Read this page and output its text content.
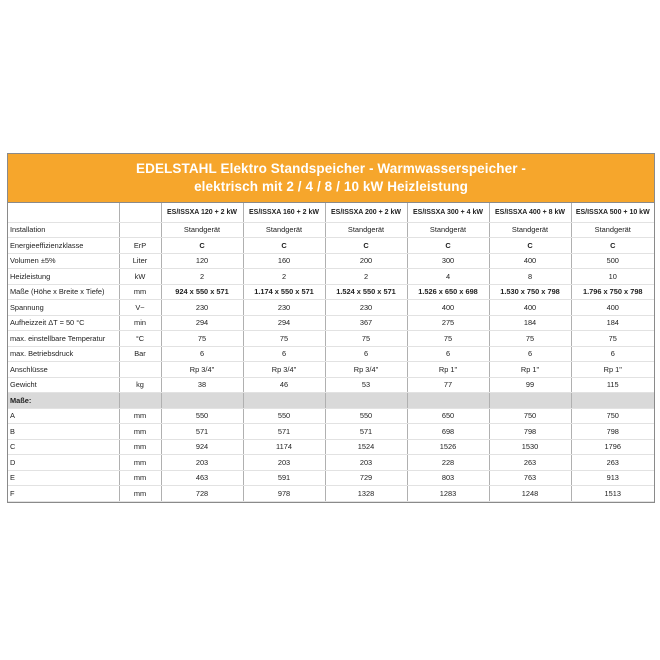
EDELSTAHL Elektro Standspeicher - Warmwasserspeicher -
elektrisch mit 2 / 4 / 8 / 10 kW Heizleistung
		ES/ISSXA 120 + 2 kW	ES/ISSXA 160 + 2 kW	ES/ISSXA 200 + 2 kW	ES/ISSXA 300 + 4 kW	ES/ISSXA 400 + 8 kW	ES/ISSXA 500 + 10 kW
Installation		Standgerät	Standgerät	Standgerät	Standgerät	Standgerät	Standgerät
Energieeffizienzklasse	ErP	C	C	C	C	C	C
Volumen ±5%	Liter	120	160	200	300	400	500
Heizleistung	kW	2	2	2	4	8	10
Maße (Höhe x Breite x Tiefe)	mm	924 x 550 x 571	1.174 x 550 x 571	1.524 x 550 x 571	1.526 x 650 x 698	1.530 x 750 x 798	1.796 x 750 x 798
Spannung	V~	230	230	230	400	400	400
Aufheizzeit ΔT = 50 °C	min	294	294	367	275	184	184
max. einstellbare Temperatur	°C	75	75	75	75	75	75
max. Betriebsdruck	Bar	6	6	6	6	6	6
Anschlüsse		Rp 3/4"	Rp 3/4"	Rp 3/4"	Rp 1"	Rp 1"	Rp 1"
Gewicht	kg	38	46	53	77	99	115
Maße:							
A	mm	550	550	550	650	750	750
B	mm	571	571	571	698	798	798
C	mm	924	1174	1524	1526	1530	1796
D	mm	203	203	203	228	263	263
E	mm	463	591	729	803	763	913
F	mm	728	978	1328	1283	1248	1513
